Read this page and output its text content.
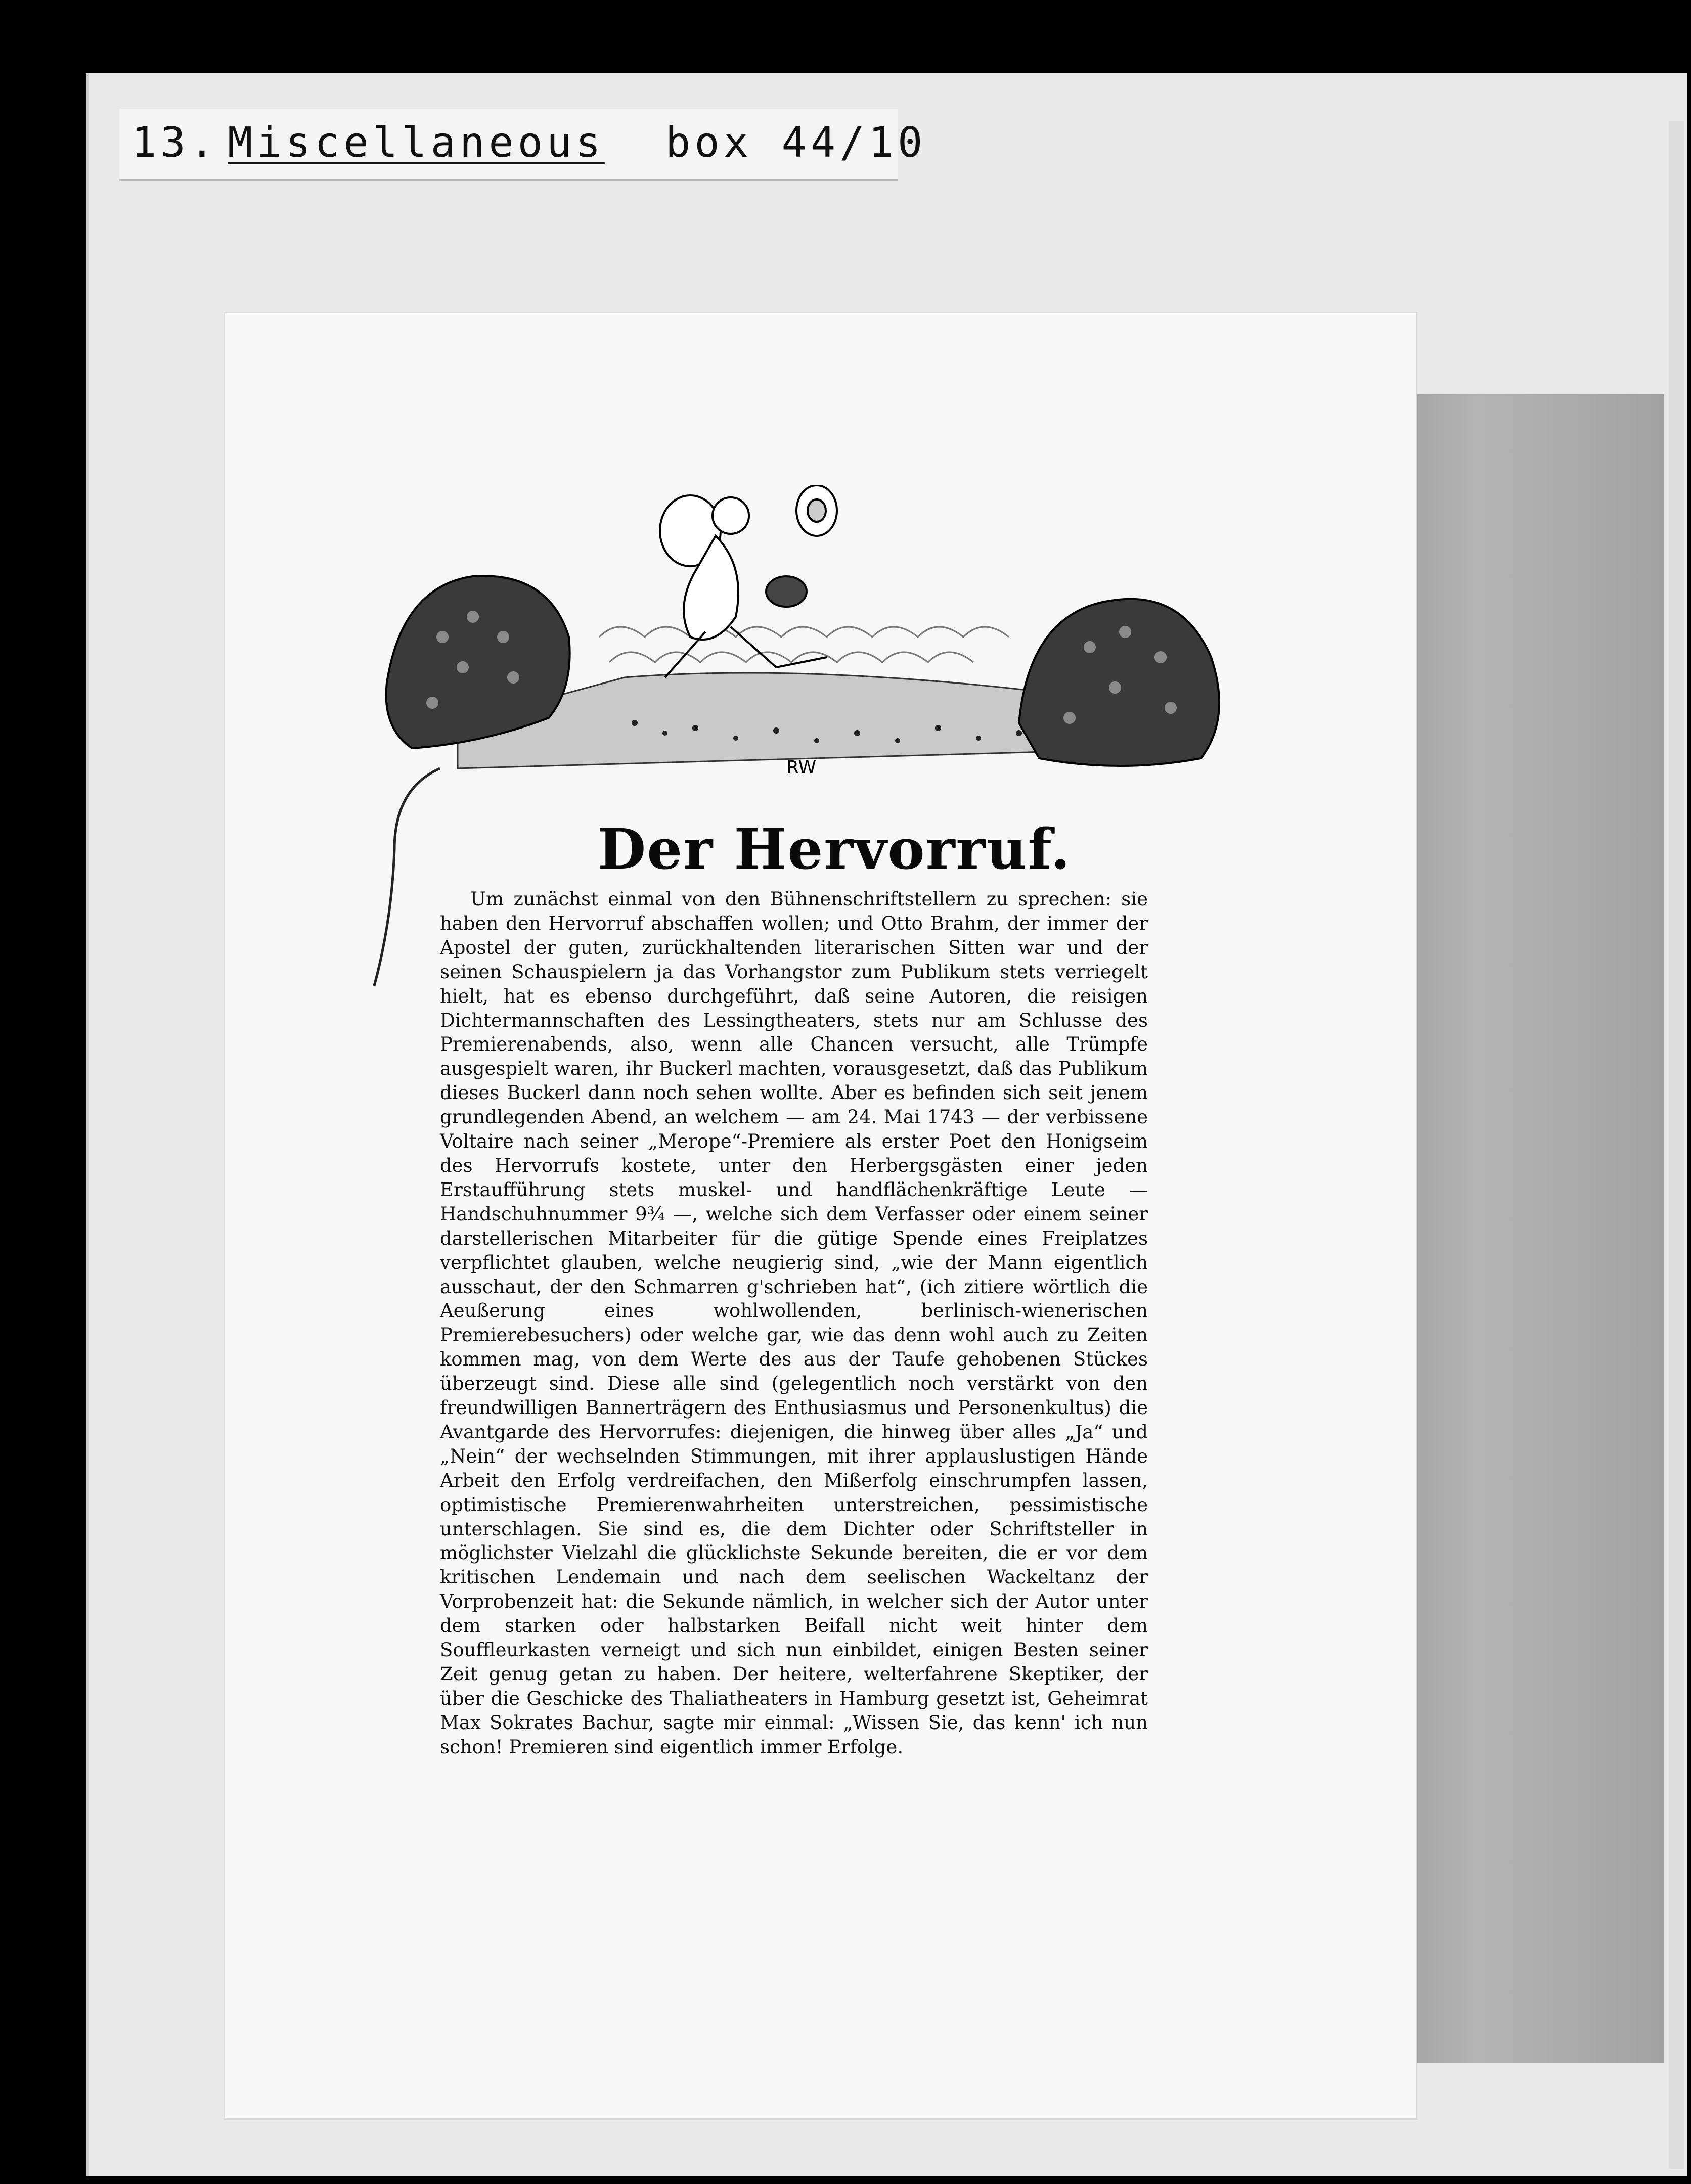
13. Miscellaneous box 44/10
RW
Der Hervorruf.

Um zunächst einmal von den Bühnenschriftstellern zu sprechen: sie haben den Hervorruf abschaffen wollen; und Otto Brahm, der immer der Apostel der guten, zurückhaltenden literarischen Sitten war und der seinen Schauspielern ja das Vorhangstor zum Publikum stets verriegelt hielt, hat es ebenso durchgeführt, daß seine Autoren, die reisigen Dichtermannschaften des Lessingtheaters, stets nur am Schlusse des Premierenabends, also, wenn alle Chancen versucht, alle Trümpfe ausgespielt waren, ihr Buckerl machten, vorausgesetzt, daß das Publikum dieses Buckerl dann noch sehen wollte. Aber es befinden sich seit jenem grundlegenden Abend, an welchem — am 24. Mai 1743 — der verbissene Voltaire nach seiner „Merope“-Premiere als erster Poet den Honigseim des Hervorrufs kostete, unter den Herbergsgästen einer jeden Erstaufführung stets muskel- und handflächenkräftige Leute — Handschuhnummer 9¾ —, welche sich dem Verfasser oder einem seiner darstellerischen Mitarbeiter für die gütige Spende eines Freiplatzes verpflichtet glauben, welche neugierig sind, „wie der Mann eigentlich ausschaut, der den Schmarren g'schrieben hat“, (ich zitiere wörtlich die Aeußerung eines wohlwollenden, berlinisch-wienerischen Premierebesuchers) oder welche gar, wie das denn wohl auch zu Zeiten kommen mag, von dem Werte des aus der Taufe gehobenen Stückes überzeugt sind. Diese alle sind (gelegentlich noch verstärkt von den freundwilligen Bannerträgern des Enthusiasmus und Personenkultus) die Avantgarde des Hervorrufes: diejenigen, die hinweg über alles „Ja“ und „Nein“ der wechselnden Stimmungen, mit ihrer applauslustigen Hände Arbeit den Erfolg verdreifachen, den Mißerfolg einschrumpfen lassen, optimistische Premierenwahrheiten unterstreichen, pessimistische unterschlagen. Sie sind es, die dem Dichter oder Schriftsteller in möglichster Vielzahl die glücklichste Sekunde bereiten, die er vor dem kritischen Lendemain und nach dem seelischen Wackeltanz der Vorprobenzeit hat: die Sekunde nämlich, in welcher sich der Autor unter dem starken oder halbstarken Beifall nicht weit hinter dem Souffleurkasten verneigt und sich nun einbildet, einigen Besten seiner Zeit genug getan zu haben. Der heitere, welterfahrene Skeptiker, der über die Geschicke des Thaliatheaters in Hamburg gesetzt ist, Geheimrat Max Sokrates Bachur, sagte mir einmal: „Wissen Sie, das kenn' ich nun schon! Premieren sind eigentlich immer Erfolge.
